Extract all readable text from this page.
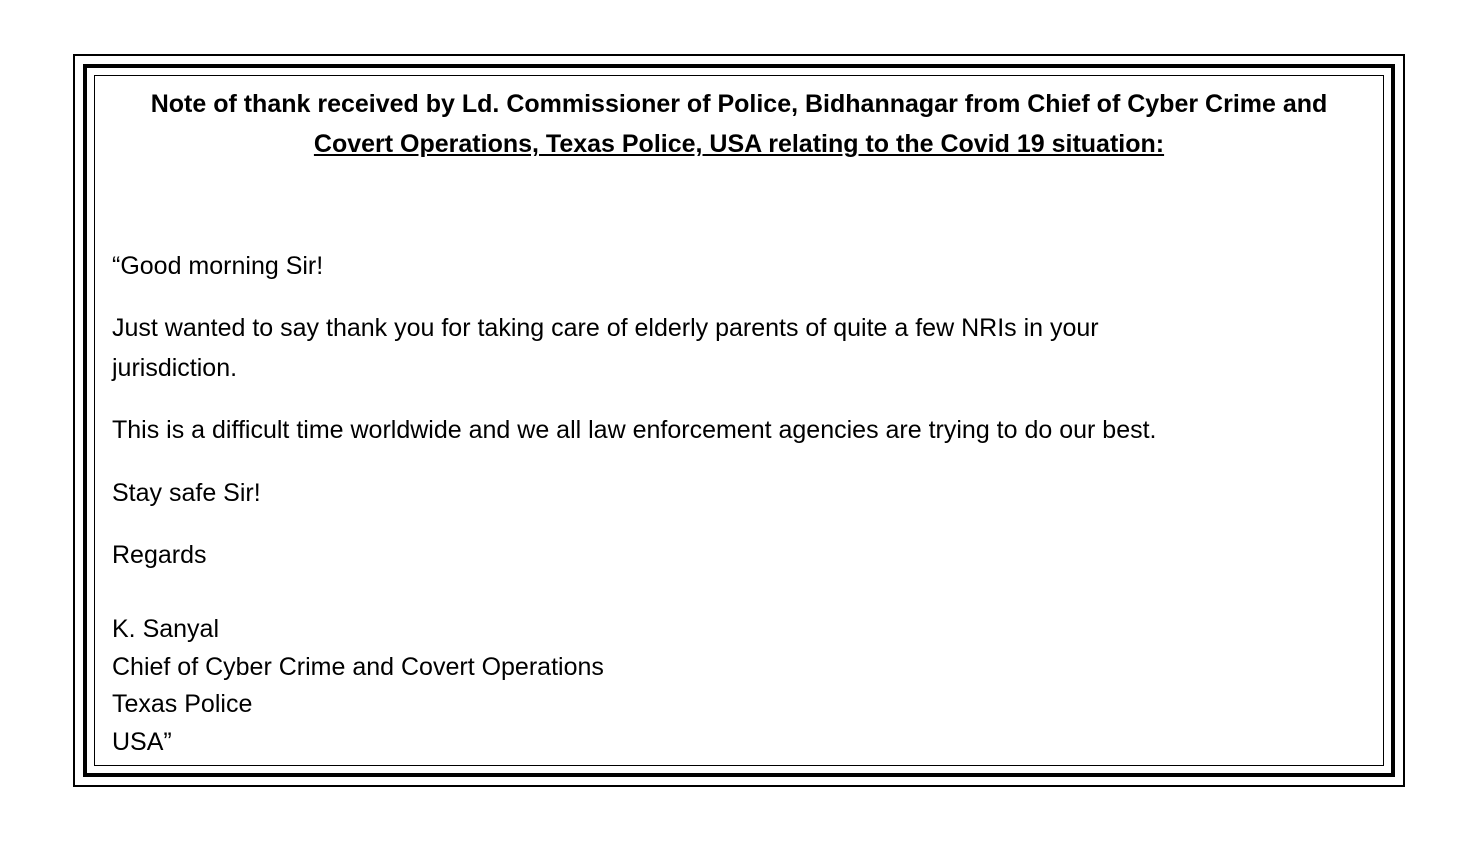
Note of thank received by Ld. Commissioner of Police, Bidhannagar from Chief of Cyber Crime and
Covert Operations, Texas Police, USA relating to the Covid 19 situation:
“Good morning Sir!
Just wanted to say thank you for taking care of elderly parents of quite a few NRIs in your
jurisdiction.
This is a difficult time worldwide and we all law enforcement agencies are trying to do our best.
Stay safe Sir!
Regards
K. Sanyal
Chief of Cyber Crime and Covert Operations
Texas Police
USA”
